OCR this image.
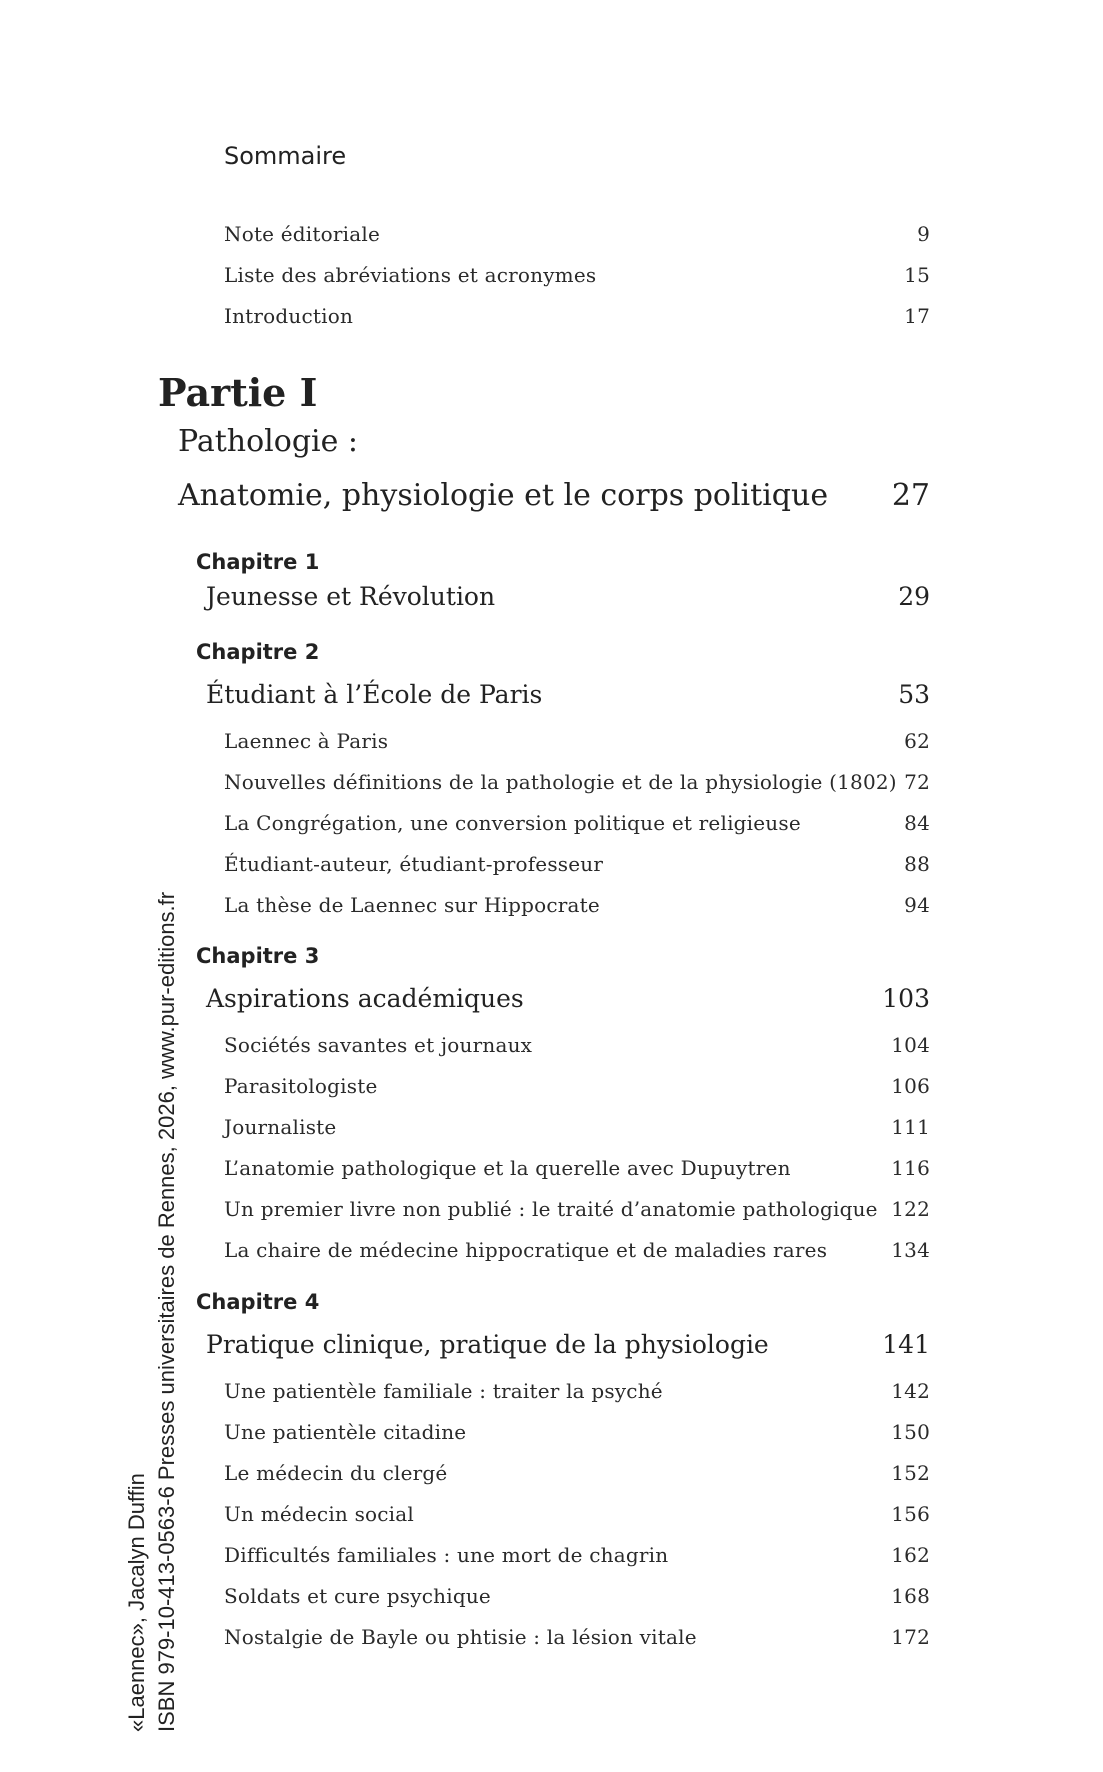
Sommaire
Note éditoriale	9
Liste des abréviations et acronymes	15
Introduction	17
Partie I
Pathologie :
Anatomie, physiologie et le corps politique 27
Chapitre 1
Jeunesse et Révolution	29
Chapitre 2
Étudiant à l’École de Paris	53
Laennec à Paris	62
Nouvelles définitions de la pathologie et de la physiologie (1802) 72
La Congrégation, une conversion politique et religieuse	84
Étudiant-auteur, étudiant-professeur	88
La thèse de Laennec sur Hippocrate	94
Chapitre 3
Aspirations académiques	103
Sociétés savantes et journaux	104
Parasitologiste	106
Journaliste	111
L’anatomie pathologique et la querelle avec Dupuytren	116
Un premier livre non publié : le traité d’anatomie pathologique 122
La chaire de médecine hippocratique et de maladies rares	134
Chapitre 4
Pratique clinique, pratique de la physiologie	141
Une patientèle familiale : traiter la psyché	142
Une patientèle citadine	150
Le médecin du clergé	152
Un médecin social	156
Difficultés familiales : une mort de chagrin	162
Soldats et cure psychique	168
Nostalgie de Bayle ou phtisie : la lésion vitale	172
«Laennec», Jacalyn Duffin ISBN 979-10-413-0563-6 Presses universitaires de Rennes, 2026, www.pur-editions.fr
